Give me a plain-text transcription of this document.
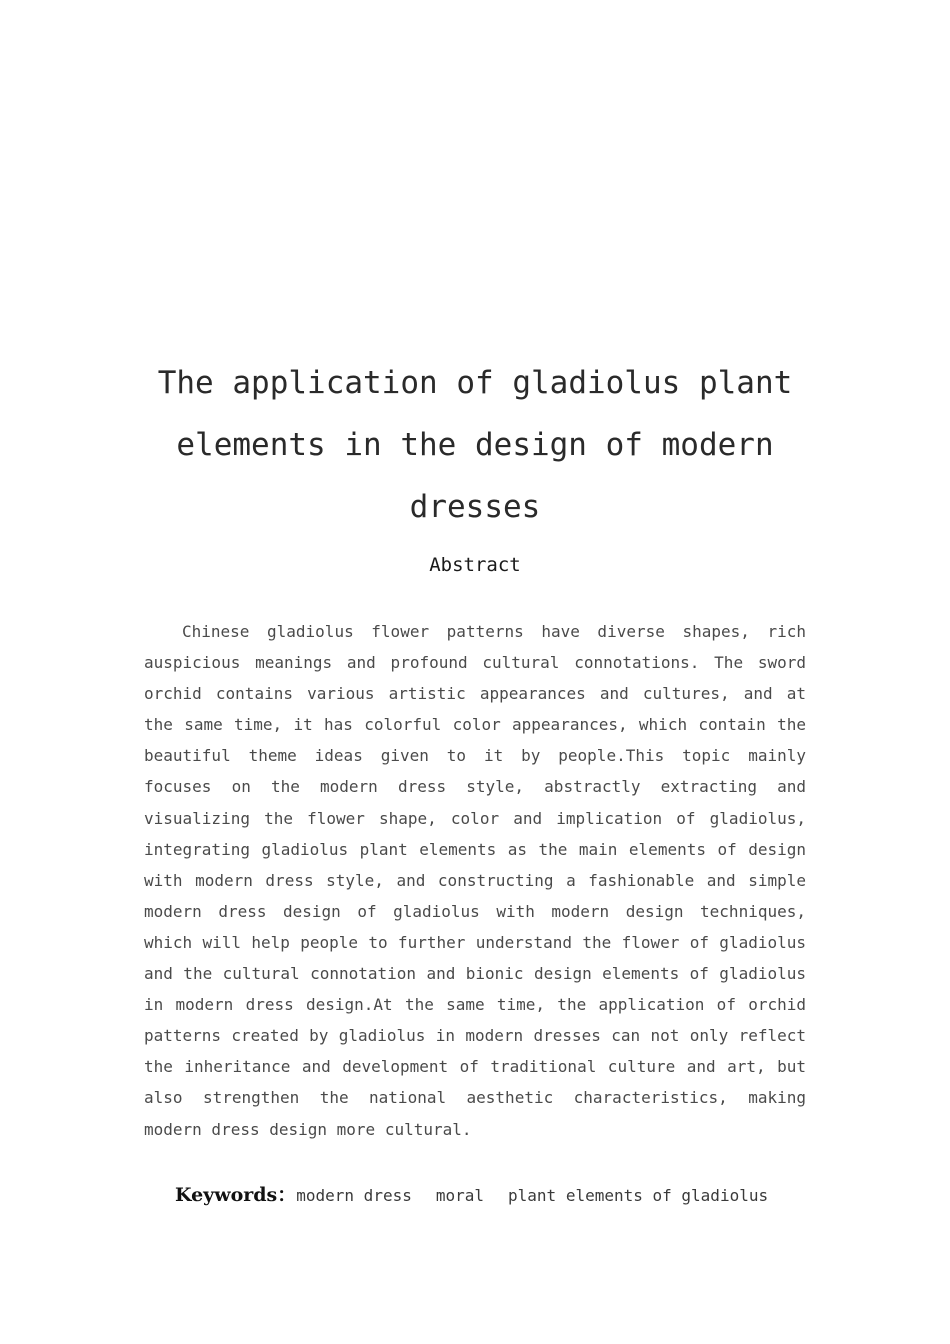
The application of gladiolus plant elements in the design of modern dresses
Abstract

Chinese gladiolus flower patterns have diverse shapes, rich auspicious meanings and profound cultural connotations. The sword orchid contains various artistic appearances and cultures, and at the same time, it has colorful color appearances, which contain the beautiful theme ideas given to it by people.This topic mainly focuses on the modern dress style, abstractly extracting and visualizing the flower shape, color and implication of gladiolus, integrating gladiolus plant elements as the main elements of design with modern dress style, and constructing a fashionable and simple modern dress design of gladiolus with modern design techniques, which will help people to further understand the flower of gladiolus and the cultural connotation and bionic design elements of gladiolus in modern dress design.At the same time, the application of orchid patterns created by gladiolus in modern dresses can not only reflect the inheritance and development of traditional culture and art, but also strengthen the national aesthetic characteristics, making modern dress design more cultural.

Keywords：modern dress moral plant elements of gladiolus
